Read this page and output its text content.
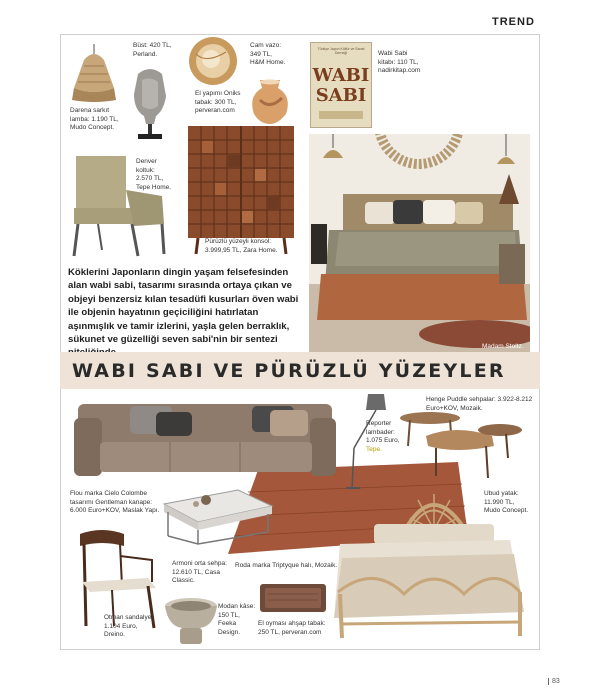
TREND
Darena sarkıt
lamba: 1.190 TL,
Mudo Concept.
Büst: 420 TL,
Perland.
El yapımı Oniks
tabak: 300 TL,
perveran.com
Cam vazo:
349 TL,
H&M Home.
Türkiye Japon Kültür ve Sanat Derneği
WABI
SABI
Wabi Sabi
kitabı: 110 TL,
nadirkitap.com
Denver
koltuk:
2.570 TL,
Tepe Home.
Pürüzlü yüzeyli konsol:
3.999,95 TL, Zara Home.
Madam Stoltz.
Köklerini Japonların dingin yaşam felsefesinden alan wabi sabi, tasarımı sırasında ortaya çıkan ve objeyi benzersiz kılan tesadüfi kusurları öven wabi ile objenin hayatının geçiciliğini hatırlatan aşınmışlık ve tamir izlerini, yaşla gelen berraklık, sükunet ve güzelliği seven sabi'nin bir sentezi
WABI SABI VE PÜRÜZLÜ YÜZEYLER
Reporter
lambader:
1.075 Euro,
Tepe.
Henge Puddle sehpalar: 3.922-8.212
Euro+KOV, Mozaik.
Flou marka Cielo Colombe
tasarımı Gentleman kanape:
6.000 Euro+KOV, Maslak Yapı.
Armoni orta sehpa:
12.610 TL, Casa
Classic.
Roda marka Triptyque halı, Mozaik.
Otman sandalye:
1.104 Euro,
Dreino.
Modan kâse:
150 TL,
Feeka
Design.
El oyması ahşap tabak:
250 TL, perveran.com
Ubud yatak:
11.990 TL,
Mudo Concept.
83
